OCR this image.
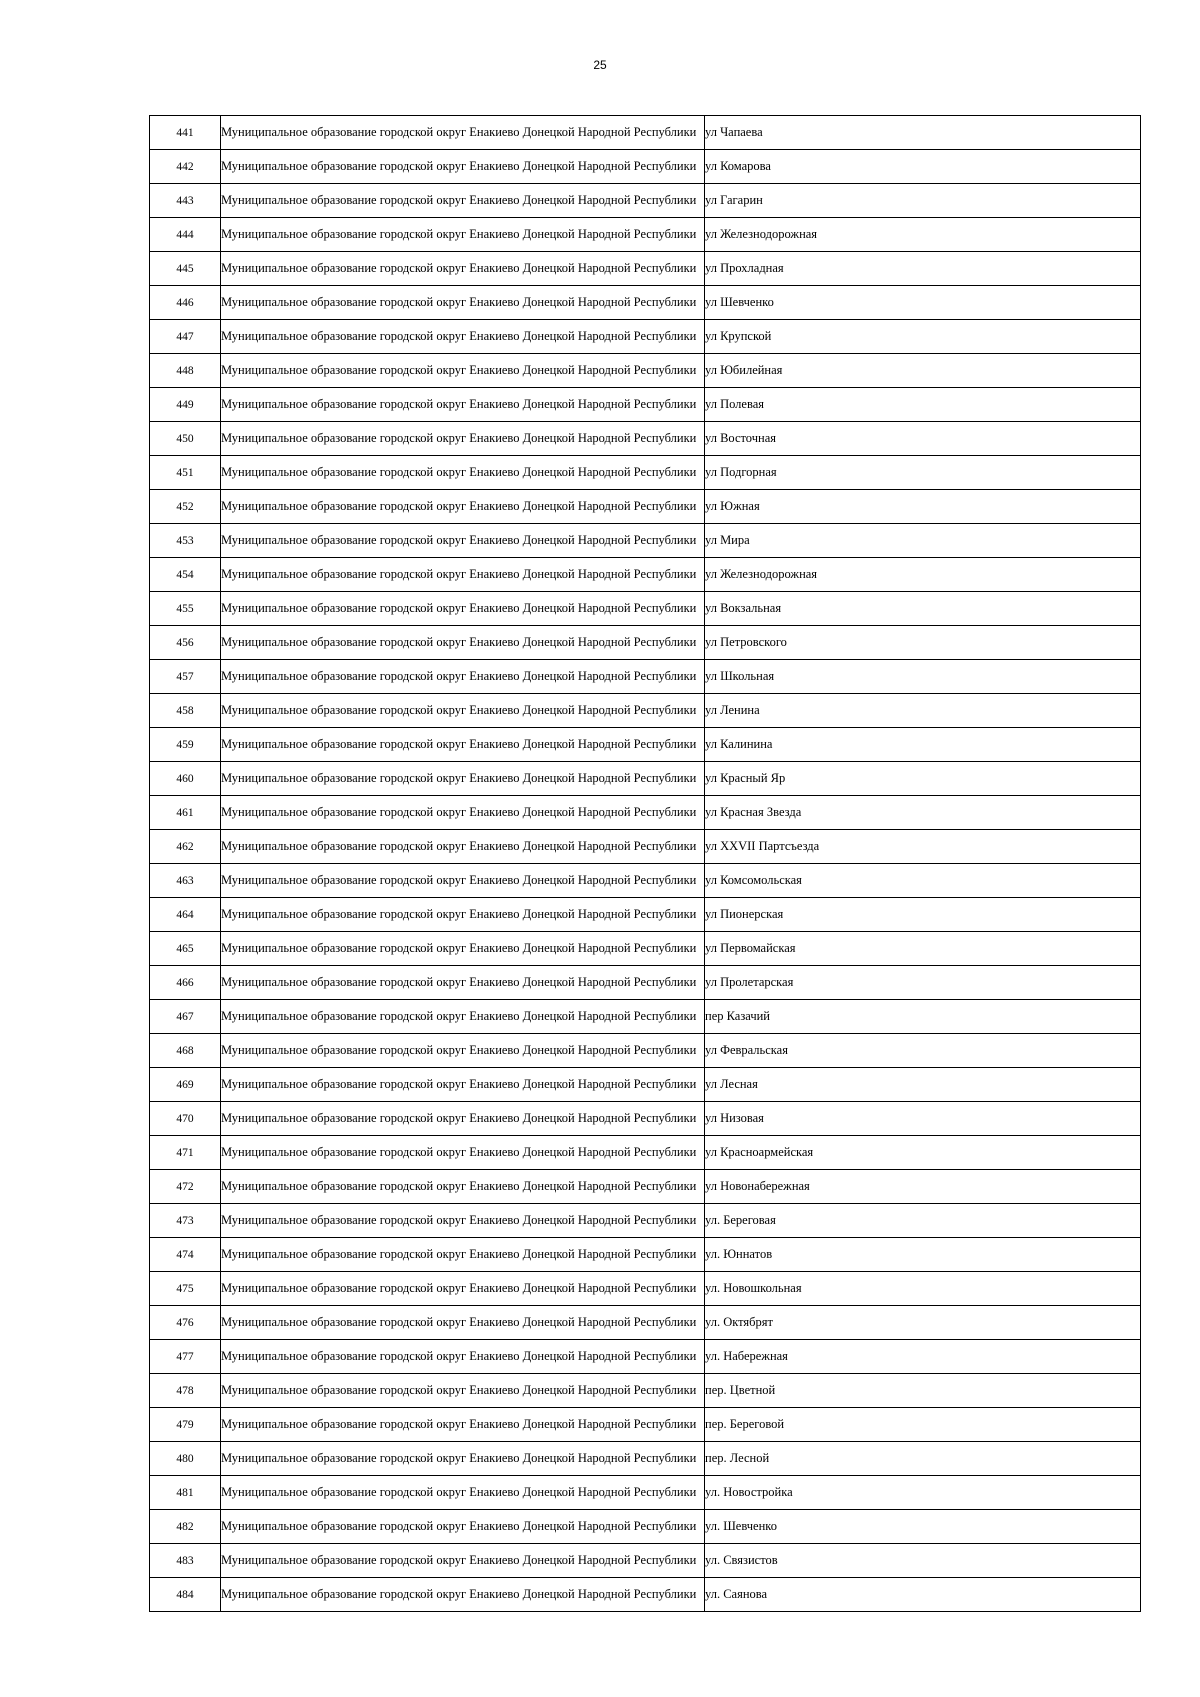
25
441	Муниципальное образование городской округ Енакиево Донецкой Народной Республики	ул Чапаева
442	Муниципальное образование городской округ Енакиево Донецкой Народной Республики	ул Комарова
443	Муниципальное образование городской округ Енакиево Донецкой Народной Республики	ул Гагарин
444	Муниципальное образование городской округ Енакиево Донецкой Народной Республики	ул Железнодорожная
445	Муниципальное образование городской округ Енакиево Донецкой Народной Республики	ул Прохладная
446	Муниципальное образование городской округ Енакиево Донецкой Народной Республики	ул Шевченко
447	Муниципальное образование городской округ Енакиево Донецкой Народной Республики	ул Крупской
448	Муниципальное образование городской округ Енакиево Донецкой Народной Республики	ул Юбилейная
449	Муниципальное образование городской округ Енакиево Донецкой Народной Республики	ул Полевая
450	Муниципальное образование городской округ Енакиево Донецкой Народной Республики	ул Восточная
451	Муниципальное образование городской округ Енакиево Донецкой Народной Республики	ул Подгорная
452	Муниципальное образование городской округ Енакиево Донецкой Народной Республики	ул Южная
453	Муниципальное образование городской округ Енакиево Донецкой Народной Республики	ул Мира
454	Муниципальное образование городской округ Енакиево Донецкой Народной Республики	ул Железнодорожная
455	Муниципальное образование городской округ Енакиево Донецкой Народной Республики	ул Вокзальная
456	Муниципальное образование городской округ Енакиево Донецкой Народной Республики	ул Петровского
457	Муниципальное образование городской округ Енакиево Донецкой Народной Республики	ул Школьная
458	Муниципальное образование городской округ Енакиево Донецкой Народной Республики	ул Ленина
459	Муниципальное образование городской округ Енакиево Донецкой Народной Республики	ул Калинина
460	Муниципальное образование городской округ Енакиево Донецкой Народной Республики	ул Красный Яр
461	Муниципальное образование городской округ Енакиево Донецкой Народной Республики	ул Красная Звезда
462	Муниципальное образование городской округ Енакиево Донецкой Народной Республики	ул XXVII Партсъезда
463	Муниципальное образование городской округ Енакиево Донецкой Народной Республики	ул Комсомольская
464	Муниципальное образование городской округ Енакиево Донецкой Народной Республики	ул Пионерская
465	Муниципальное образование городской округ Енакиево Донецкой Народной Республики	ул Первомайская
466	Муниципальное образование городской округ Енакиево Донецкой Народной Республики	ул Пролетарская
467	Муниципальное образование городской округ Енакиево Донецкой Народной Республики	пер Казачий
468	Муниципальное образование городской округ Енакиево Донецкой Народной Республики	ул Февральская
469	Муниципальное образование городской округ Енакиево Донецкой Народной Республики	ул Лесная
470	Муниципальное образование городской округ Енакиево Донецкой Народной Республики	ул Низовая
471	Муниципальное образование городской округ Енакиево Донецкой Народной Республики	ул Красноармейская
472	Муниципальное образование городской округ Енакиево Донецкой Народной Республики	ул Новонабережная
473	Муниципальное образование городской округ Енакиево Донецкой Народной Республики	ул. Береговая
474	Муниципальное образование городской округ Енакиево Донецкой Народной Республики	ул. Юннатов
475	Муниципальное образование городской округ Енакиево Донецкой Народной Республики	ул. Новошкольная
476	Муниципальное образование городской округ Енакиево Донецкой Народной Республики	ул. Октябрят
477	Муниципальное образование городской округ Енакиево Донецкой Народной Республики	ул. Набережная
478	Муниципальное образование городской округ Енакиево Донецкой Народной Республики	пер. Цветной
479	Муниципальное образование городской округ Енакиево Донецкой Народной Республики	пер. Береговой
480	Муниципальное образование городской округ Енакиево Донецкой Народной Республики	пер. Лесной
481	Муниципальное образование городской округ Енакиево Донецкой Народной Республики	ул. Новостройка
482	Муниципальное образование городской округ Енакиево Донецкой Народной Республики	ул. Шевченко
483	Муниципальное образование городской округ Енакиево Донецкой Народной Республики	ул. Связистов
484	Муниципальное образование городской округ Енакиево Донецкой Народной Республики	ул. Саянова
